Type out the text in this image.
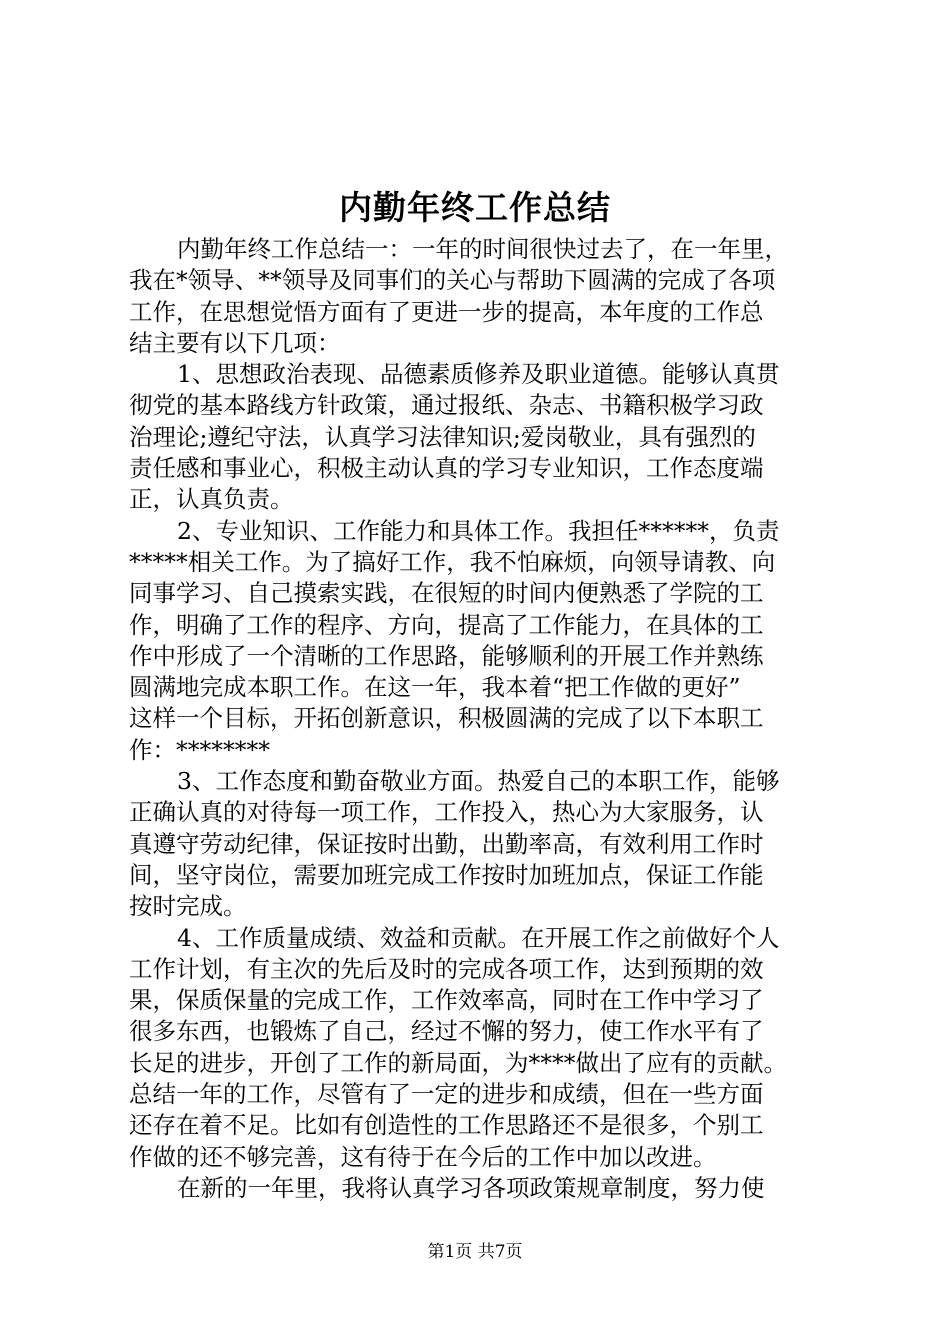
内勤年终工作总结
内勤年终工作总结一：一年的时间很快过去了，在一年里，
我在*领导、**领导及同事们的关心与帮助下圆满的完成了各项
工作，在思想觉悟方面有了更进一步的提高，本年度的工作总
结主要有以下几项：
1、思想政治表现、品德素质修养及职业道德。能够认真贯
彻党的基本路线方针政策，通过报纸、杂志、书籍积极学习政
治理论;遵纪守法，认真学习法律知识;爱岗敬业，具有强烈的
责任感和事业心，积极主动认真的学习专业知识，工作态度端
正，认真负责。
2、专业知识、工作能力和具体工作。我担任******，负责
*****相关工作。为了搞好工作，我不怕麻烦，向领导请教、向
同事学习、自己摸索实践，在很短的时间内便熟悉了学院的工
作，明确了工作的程序、方向，提高了工作能力，在具体的工
作中形成了一个清晰的工作思路，能够顺利的开展工作并熟练
圆满地完成本职工作。在这一年，我本着“把工作做的更好”
这样一个目标，开拓创新意识，积极圆满的完成了以下本职工
作：********
3、工作态度和勤奋敬业方面。热爱自己的本职工作，能够
正确认真的对待每一项工作，工作投入，热心为大家服务，认
真遵守劳动纪律，保证按时出勤，出勤率高，有效利用工作时
间，坚守岗位，需要加班完成工作按时加班加点，保证工作能
按时完成。
4、工作质量成绩、效益和贡献。在开展工作之前做好个人
工作计划，有主次的先后及时的完成各项工作，达到预期的效
果，保质保量的完成工作，工作效率高，同时在工作中学习了
很多东西，也锻炼了自己，经过不懈的努力，使工作水平有了
长足的进步，开创了工作的新局面，为****做出了应有的贡献。
总结一年的工作，尽管有了一定的进步和成绩，但在一些方面
还存在着不足。比如有创造性的工作思路还不是很多，个别工
作做的还不够完善，这有待于在今后的工作中加以改进。
在新的一年里，我将认真学习各项政策规章制度，努力使
第1页 共7页
